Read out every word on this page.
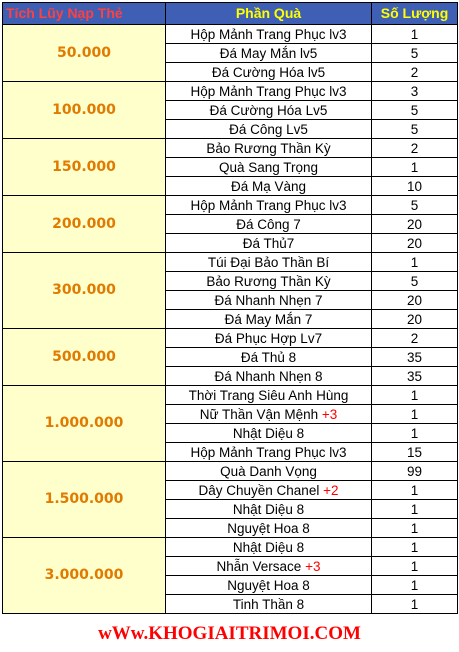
Tích Lũy Nạp Thẻ	Phần Quà	Số Lượng
50.000	Hộp Mảnh Trang Phục lv3	1
	Đá May Mắn lv5	5
	Đá Cường Hóa lv5	2
100.000	Hộp Mảnh Trang Phục lv3	3
	Đá Cường Hóa Lv5	5
	Đá Công Lv5	5
150.000	Bảo Rương Thần Kỳ	2
	Quà Sang Trọng	1
	Đá Mạ Vàng	10
200.000	Hộp Mảnh Trang Phục lv3	5
	Đá Công 7	20
	Đá Thủ7	20
300.000	Túi Đại Bảo Thần Bí	1
	Bảo Rương Thần Kỳ	5
	Đá Nhanh Nhẹn 7	20
	Đá May Mắn 7	20
500.000	Đá Phục Hợp Lv7	2
	Đá Thủ 8	35
	Đá Nhanh Nhẹn 8	35
1.000.000	Thời Trang Siêu Anh Hùng	1
	Nữ Thần Vận Mệnh +3	1
	Nhật Diệu 8	1
	Hộp Mảnh Trang Phục lv3	15
1.500.000	Quà Danh Vọng	99
	Dây Chuyền Chanel +2	1
	Nhật Diệu 8	1
	Nguyệt Hoa 8	1
3.000.000	Nhật Diệu 8	1
	Nhẫn Versace +3	1
	Nguyệt Hoa 8	1
	Tinh Thần 8	1
wWw.KHOGIAITRIMOI.COM
